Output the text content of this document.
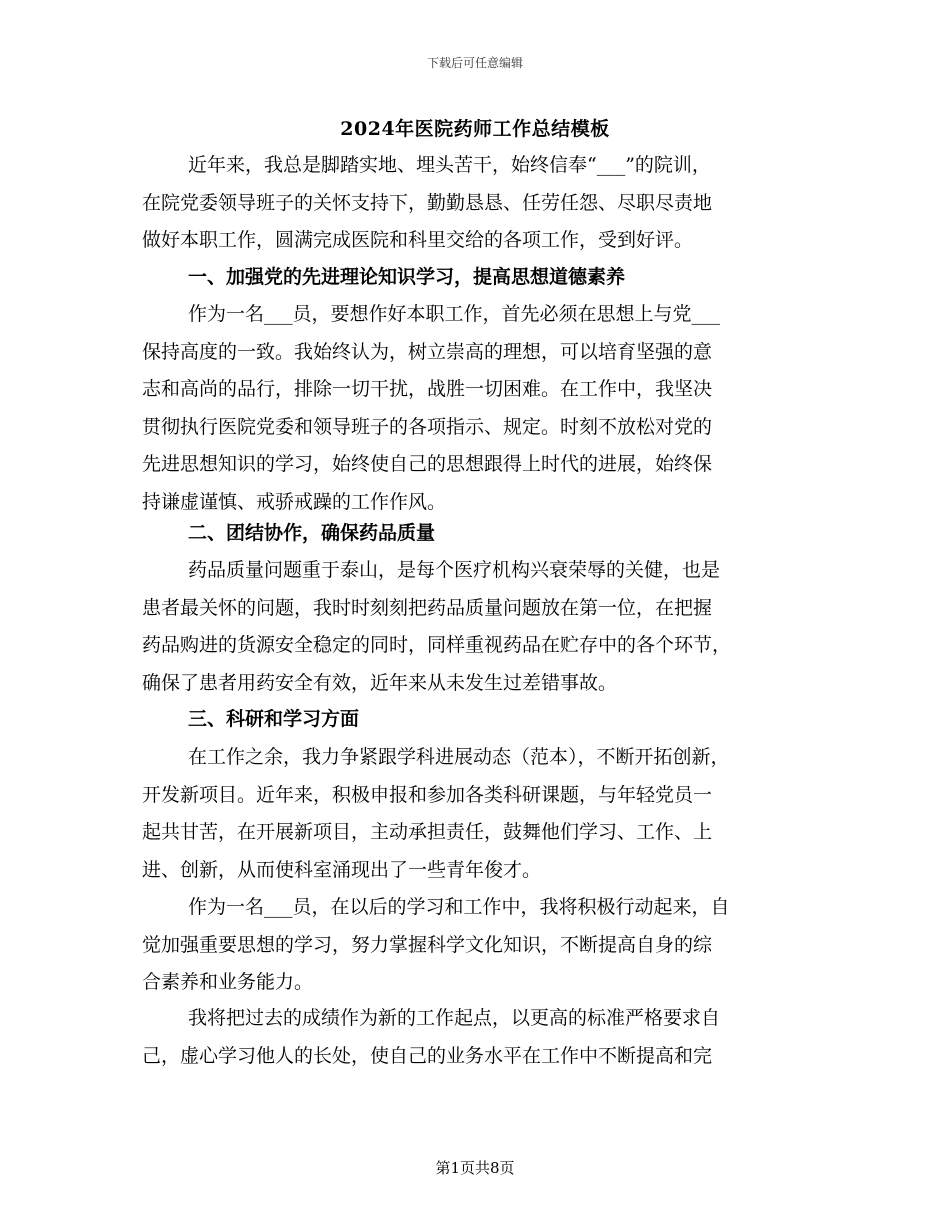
下载后可任意编辑
2024年医院药师工作总结模板
近年来，我总是脚踏实地、埋头苦干，始终信奉“___”的院训，
在院党委领导班子的关怀支持下，勤勤恳恳、任劳任怨、尽职尽责地
做好本职工作，圆满完成医院和科里交给的各项工作，受到好评。
一、加强党的先进理论知识学习，提高思想道德素养
作为一名___员，要想作好本职工作，首先必须在思想上与党___
保持高度的一致。我始终认为，树立崇高的理想，可以培育坚强的意
志和高尚的品行，排除一切干扰，战胜一切困难。在工作中，我坚决
贯彻执行医院党委和领导班子的各项指示、规定。时刻不放松对党的
先进思想知识的学习，始终使自己的思想跟得上时代的进展，始终保
持谦虚谨慎、戒骄戒躁的工作作风。
二、团结协作，确保药品质量
药品质量问题重于泰山，是每个医疗机构兴衰荣辱的关健，也是
患者最关怀的问题，我时时刻刻把药品质量问题放在第一位，在把握
药品购进的货源安全稳定的同时，同样重视药品在贮存中的各个环节，
确保了患者用药安全有效，近年来从未发生过差错事故。
三、科研和学习方面
在工作之余，我力争紧跟学科进展动态（范本），不断开拓创新，
开发新项目。近年来，积极申报和参加各类科研课题，与年轻党员一
起共甘苦，在开展新项目，主动承担责任，鼓舞他们学习、工作、上
进、创新，从而使科室涌现出了一些青年俊才。
作为一名___员，在以后的学习和工作中，我将积极行动起来，自
觉加强重要思想的学习，努力掌握科学文化知识，不断提高自身的综
合素养和业务能力。
我将把过去的成绩作为新的工作起点，以更高的标准严格要求自
己，虚心学习他人的长处，使自己的业务水平在工作中不断提高和完
第1页共8页
